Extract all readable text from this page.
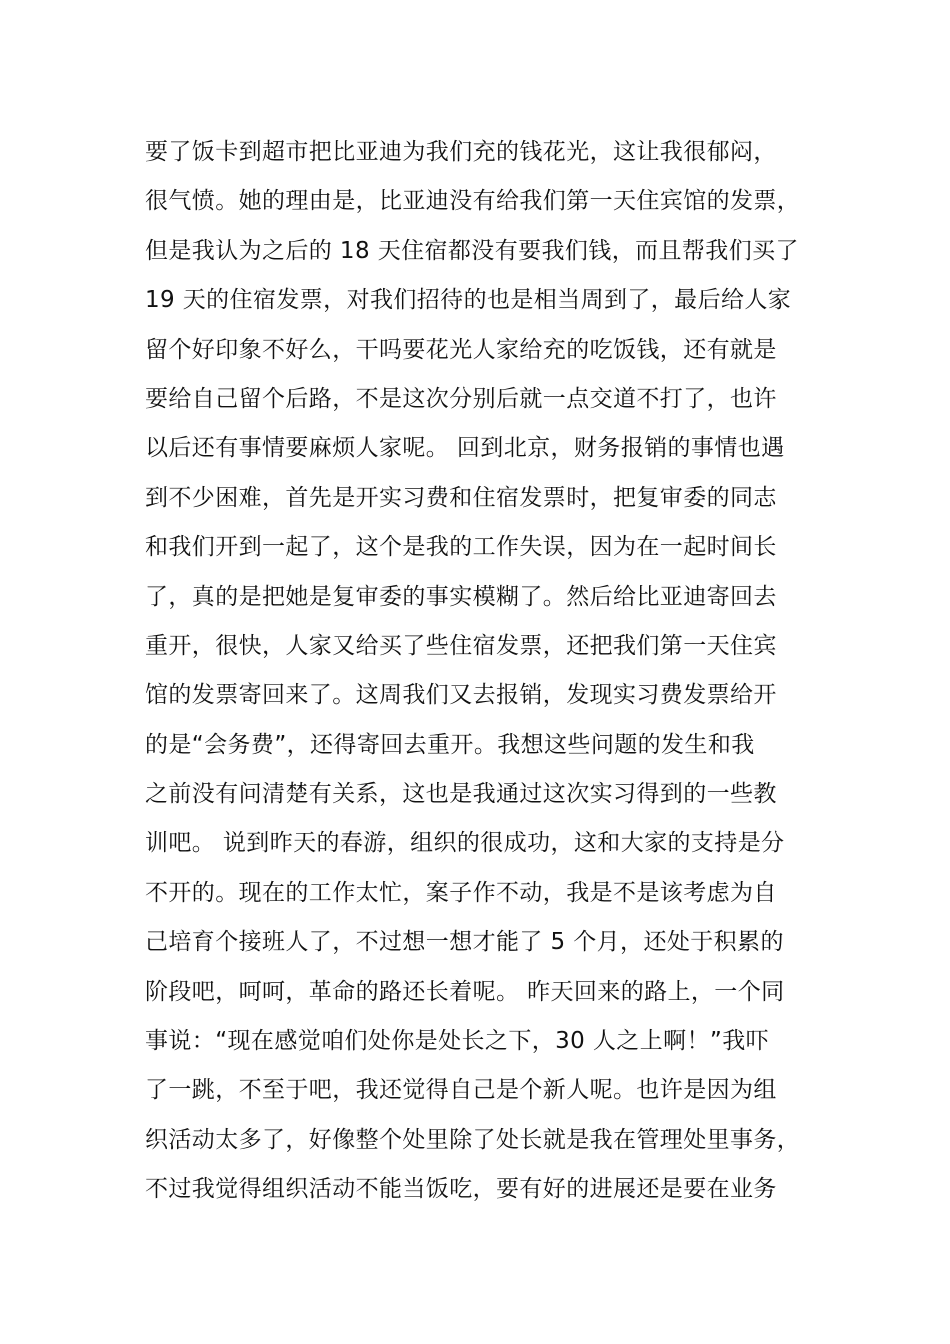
要了饭卡到超市把比亚迪为我们充的钱花光，这让我很郁闷，
很气愤。她的理由是，比亚迪没有给我们第一天住宾馆的发票，
但是我认为之后的 18 天住宿都没有要我们钱，而且帮我们买了
19 天的住宿发票，对我们招待的也是相当周到了，最后给人家
留个好印象不好么，干吗要花光人家给充的吃饭钱，还有就是
要给自己留个后路，不是这次分别后就一点交道不打了，也许
以后还有事情要麻烦人家呢。 回到北京，财务报销的事情也遇
到不少困难，首先是开实习费和住宿发票时，把复审委的同志
和我们开到一起了，这个是我的工作失误，因为在一起时间长
了，真的是把她是复审委的事实模糊了。然后给比亚迪寄回去
重开，很快，人家又给买了些住宿发票，还把我们第一天住宾
馆的发票寄回来了。这周我们又去报销，发现实习费发票给开
的是“会务费”，还得寄回去重开。我想这些问题的发生和我
之前没有问清楚有关系，这也是我通过这次实习得到的一些教
训吧。 说到昨天的春游，组织的很成功，这和大家的支持是分
不开的。现在的工作太忙，案子作不动，我是不是该考虑为自
己培育个接班人了，不过想一想才能了 5 个月，还处于积累的
阶段吧，呵呵，革命的路还长着呢。 昨天回来的路上，一个同
事说：“现在感觉咱们处你是处长之下，30 人之上啊！”我吓
了一跳，不至于吧，我还觉得自己是个新人呢。也许是因为组
织活动太多了，好像整个处里除了处长就是我在管理处里事务，
不过我觉得组织活动不能当饭吃，要有好的进展还是要在业务
